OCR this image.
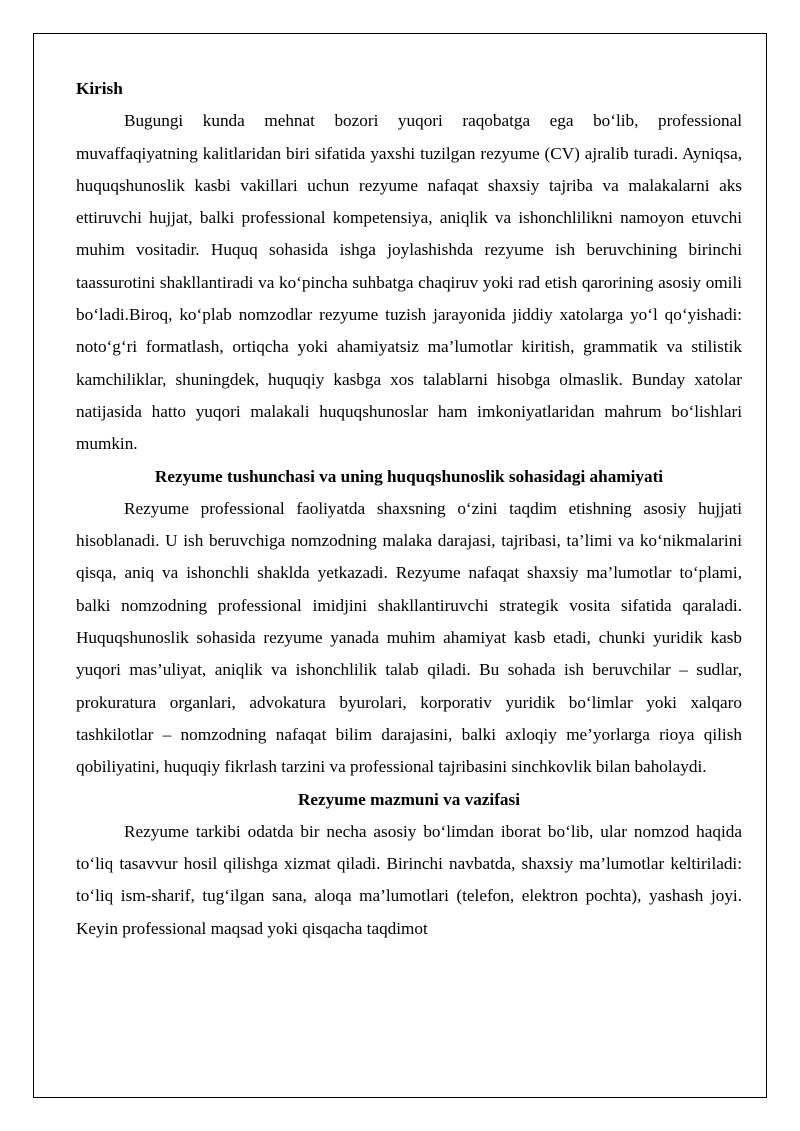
Kirish

Bugungi kunda mehnat bozori yuqori raqobatga ega bo‘lib, professional muvaffaqiyatning kalitlaridan biri sifatida yaxshi tuzilgan rezyume (CV) ajralib turadi. Ayniqsa, huquqshunoslik kasbi vakillari uchun rezyume nafaqat shaxsiy tajriba va malakalarni aks ettiruvchi hujjat, balki professional kompetensiya, aniqlik va ishonchlilikni namoyon etuvchi muhim vositadir. Huquq sohasida ishga joylashishda rezyume ish beruvchining birinchi taassurotini shakllantiradi va ko‘pincha suhbatga chaqiruv yoki rad etish qarorining asosiy omili bo‘ladi.Biroq, ko‘plab nomzodlar rezyume tuzish jarayonida jiddiy xatolarga yo‘l qo‘yishadi: noto‘g‘ri formatlash, ortiqcha yoki ahamiyatsiz ma’lumotlar kiritish, grammatik va stilistik kamchiliklar, shuningdek, huquqiy kasbga xos talablarni hisobga olmaslik. Bunday xatolar natijasida hatto yuqori malakali huquqshunoslar ham imkoniyatlaridan mahrum bo‘lishlari mumkin.

Rezyume tushunchasi va uning huquqshunoslik sohasidagi ahamiyati

Rezyume professional faoliyatda shaxsning o‘zini taqdim etishning asosiy hujjati hisoblanadi. U ish beruvchiga nomzodning malaka darajasi, tajribasi, ta’limi va ko‘nikmalarini qisqa, aniq va ishonchli shaklda yetkazadi. Rezyume nafaqat shaxsiy ma’lumotlar to‘plami, balki nomzodning professional imidjini shakllantiruvchi strategik vosita sifatida qaraladi. Huquqshunoslik sohasida rezyume yanada muhim ahamiyat kasb etadi, chunki yuridik kasb yuqori mas’uliyat, aniqlik va ishonchlilik talab qiladi. Bu sohada ish beruvchilar – sudlar, prokuratura organlari, advokatura byurolari, korporativ yuridik bo‘limlar yoki xalqaro tashkilotlar – nomzodning nafaqat bilim darajasini, balki axloqiy me’yorlarga rioya qilish qobiliyatini, huquqiy fikrlash tarzini va professional tajribasini sinchkovlik bilan baholaydi.

Rezyume mazmuni va vazifasi

Rezyume tarkibi odatda bir necha asosiy bo‘limdan iborat bo‘lib, ular nomzod haqida to‘liq tasavvur hosil qilishga xizmat qiladi. Birinchi navbatda, shaxsiy ma’lumotlar keltiriladi: to‘liq ism-sharif, tug‘ilgan sana, aloqa ma’lumotlari (telefon, elektron pochta), yashash joyi. Keyin professional maqsad yoki qisqacha taqdimot
